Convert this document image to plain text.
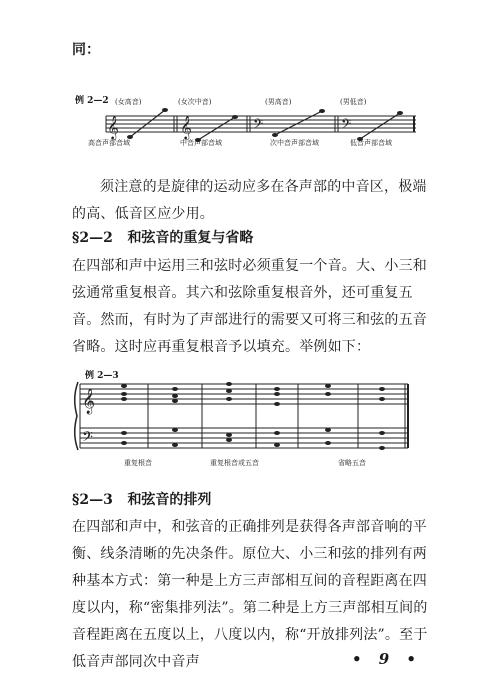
同：
例 2—2 (女高音)	(女次中音)	(男高音)	(男低音)
𝄞	𝄞	𝄢	𝄢
高音声部音域	中音声部音域	次中音声部音域	低音声部音域
须注意的是旋律的运动应多在各声部的中音区，极端的高、低音区应少用。
§2—2 和弦音的重复与省略
在四部和声中运用三和弦时必须重复一个音。大、小三和弦通常重复根音。其六和弦除重复根音外，还可重复五音。然而，有时为了声部进行的需要又可将三和弦的五音省略。这时应再重复根音予以填充。举例如下：
例 2—3
𝄞
𝄢
重复根音	重复根音或五音	省略五音
§2—3 和弦音的排列
在四部和声中，和弦音的正确排列是获得各声部音响的平衡、线条清晰的先决条件。原位大、小三和弦的排列有两种基本方式：第一种是上方三声部相互间的音程距离在四度以内，称“密集排列法”。第二种是上方三声部相互间的音程距离在五度以上，八度以内，称“开放排列法”。至于低音声部同次中音声	• 9 •
